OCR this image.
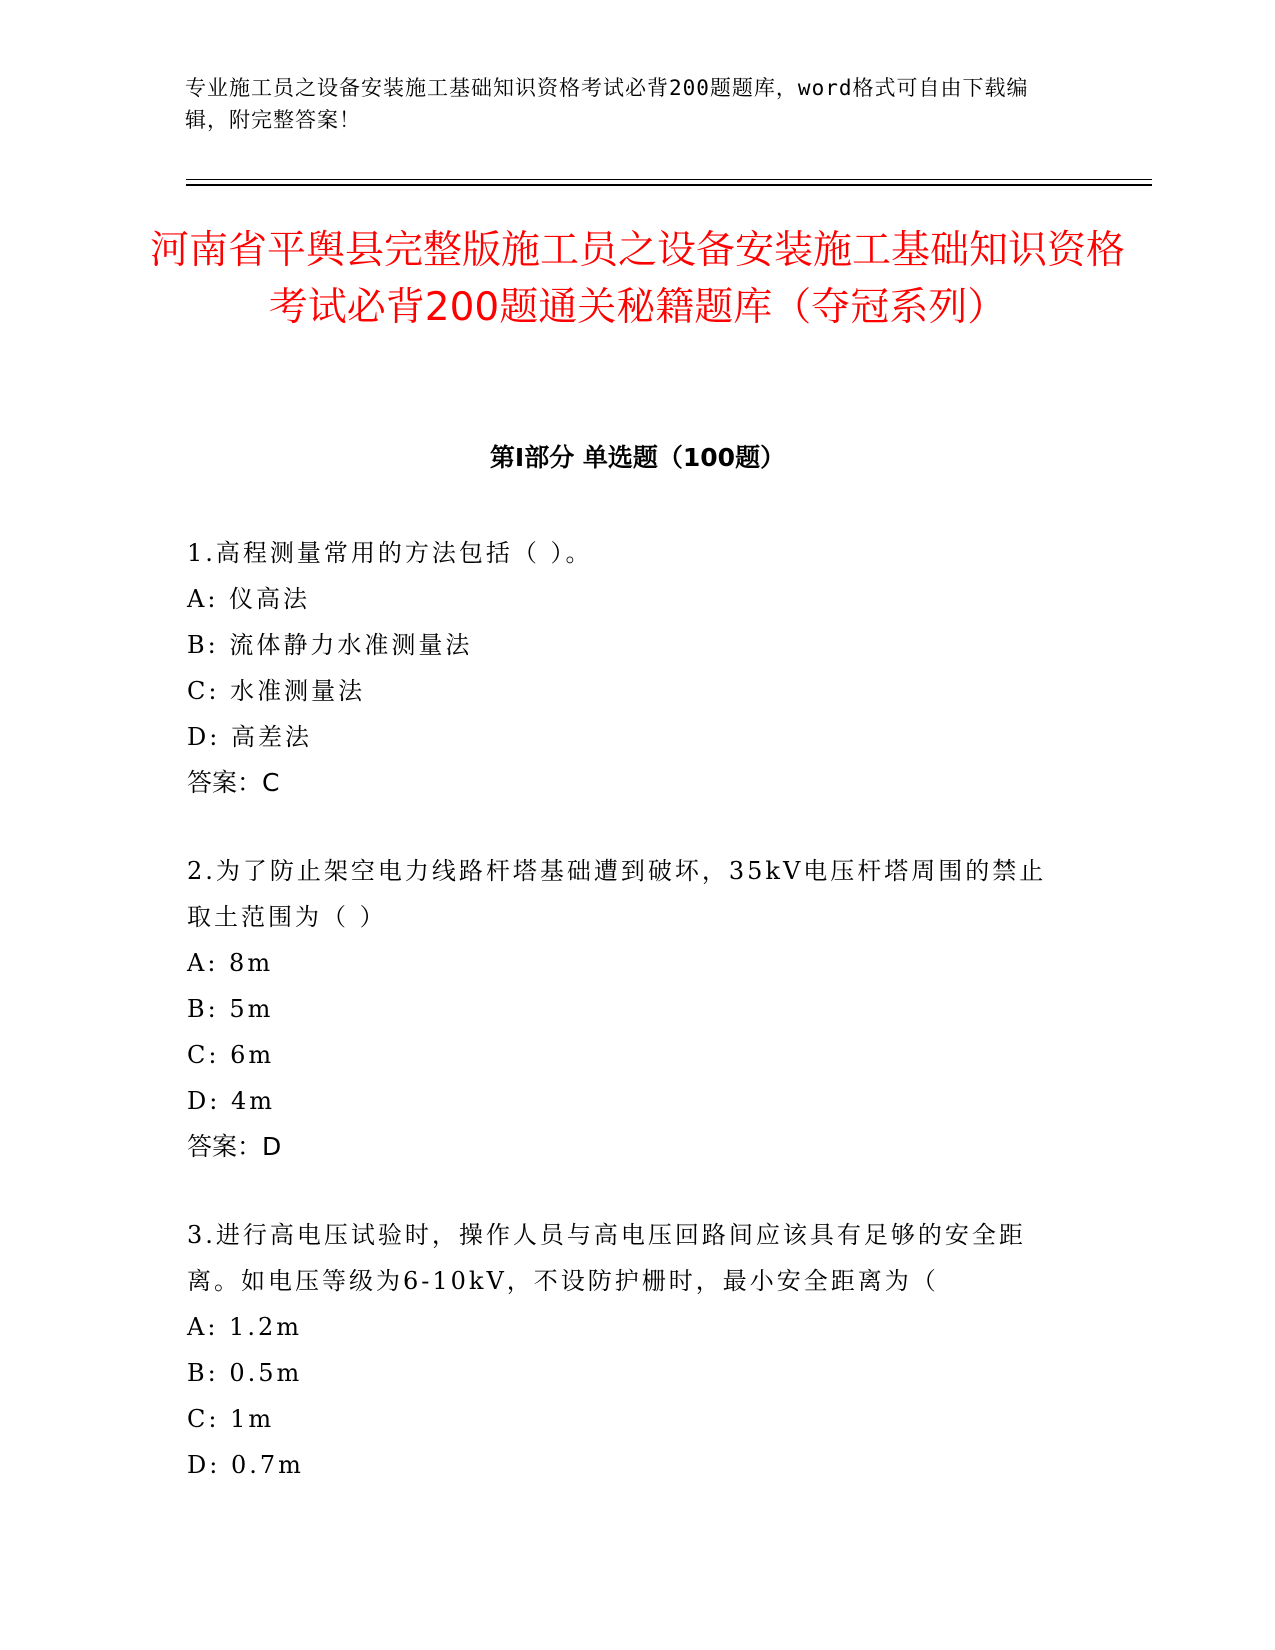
专业施工员之设备安装施工基础知识资格考试必背200题题库，word格式可自由下载编辑，附完整答案！
河南省平舆县完整版施工员之设备安装施工基础知识资格考试必背200题通关秘籍题库（夺冠系列）
第I部分 单选题（100题）
1.高程测量常用的方法包括（ ）。
A: 仪高法
B: 流体静力水准测量法
C: 水准测量法
D: 高差法
答案：C
2.为了防止架空电力线路杆塔基础遭到破坏，35kV电压杆塔周围的禁止取土范围为（ ）
A: 8m
B: 5m
C: 6m
D: 4m
答案：D
3.进行高电压试验时，操作人员与高电压回路间应该具有足够的安全距离。如电压等级为6-10kV，不设防护栅时，最小安全距离为（
A: 1.2m
B: 0.5m
C: 1m
D: 0.7m
